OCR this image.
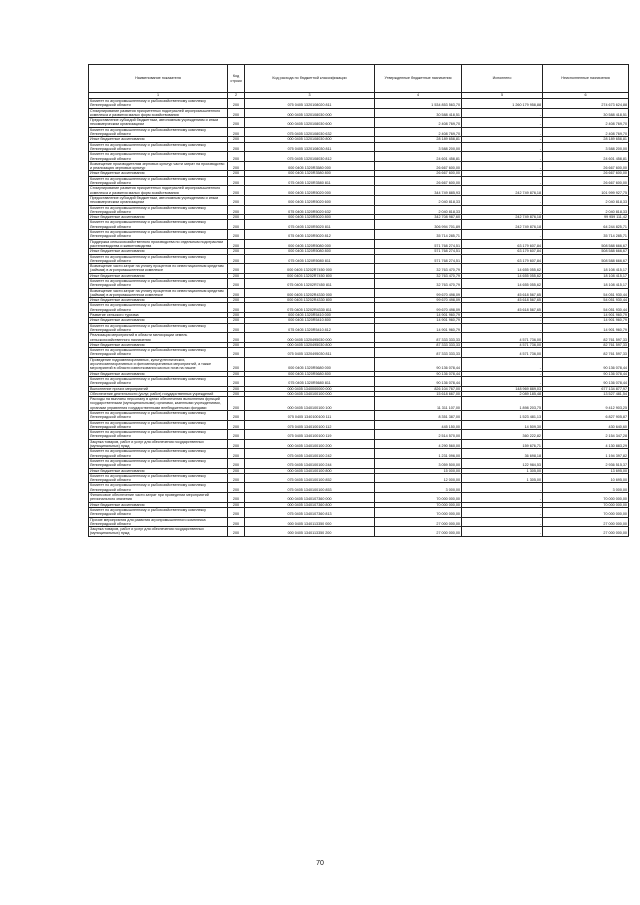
Наименование показателя	Код строки	Код расхода по бюджетной классификации	Утвержденные бюджетные назначения	Исполнено	Неисполненные назначения
1	2	3	4	5	6
Комитет по агропромышленному и рыбохозяйственному комплексу Ленинградской области	200	075 0405 1320108020 811	1 534 853 563,70	1 260 179 958,88	274 673 624,88
Стимулирование развития приоритетных подотраслей агропромышленного комплекса и развития малых форм хозяйствования	200	000 0405 1320108030 000	30 588 418,51	-	30 588 418,51
Предоставление субсидий бюджетным, автономным учреждениям и иным некоммерческим организациям	200	000 0405 1320108030 600	2 408 769,70	-	2 408 769,70
Комитет по агропромышленному и рыбохозяйственному комплексу Ленинградской области	200	075 0405 1320108030 632	2 408 769,70	-	2 408 769,70
Иные бюджетные ассигнования	200	000 0405 1320108030 800	28 189 658,81	-	28 189 658,81
Комитет по агропромышленному и рыбохозяйственному комплексу Ленинградской области	200	075 0405 1320108030 811	3 588 200,00	-	3 588 200,00
Комитет по агропромышленному и рыбохозяйственному комплексу Ленинградской области	200	075 0405 1320108030 812	24 601 458,81	-	24 601 458,81
Возмещение производителям зерновых культур части затрат на производство и реализацию зерновых культур	200	000 0405 1320R3580 000	26 667 600,00	-	26 667 600,00
Иные бюджетные ассигнования	200	000 0405 1320R3580 800	26 667 600,00	-	26 667 600,00
Комитет по агропромышленному и рыбохозяйственному комплексу Ленинградской области	200	075 0405 1320R3580 811	26 667 600,00	-	26 667 600,00
Стимулирование развития приоритетных подотраслей агропромышленного комплекса и развития малых форм хозяйствования	200	000 0405 1320R5020 000	344 749 885,93	242 749 876,18	101 999 927,75
Предоставление субсидий бюджетным, автономным учреждениям и иным некоммерческим организациям	200	000 0405 1320R5020 600	2 040 818,33	-	2 040 818,33
Комитет по агропромышленному и рыбохозяйственному комплексу Ленинградской области	200	075 0405 1320R5020 632	2 040 818,33	-	2 040 818,33
Иные бюджетные ассигнования	200	000 0405 1320R5020 800	342 708 987,60	242 749 876,18	99 959 111,42
Комитет по агропромышленному и рыбохозяйственному комплексу Ленинградской области	200	075 0405 1320R5020 811	306 994 701,89	242 749 876,18	64 244 825,71
Комитет по агропромышленному и рыбохозяйственному комплексу Ленинградской области	200	075 0405 1320R5020 812	35 714 285,71	-	35 714 285,71
Поддержка сельскохозяйственного производства по отдельным подотраслям растениеводства и животноводства	200	000 0405 1320R5080 000	571 768 274,51	63 179 607,84	508 588 666,67
Иные бюджетные ассигнования	200	000 0405 1320R5080 800	571 768 274,51	63 179 607,84	508 588 666,67
Комитет по агропромышленному и рыбохозяйственному комплексу Ленинградской области	200	075 0405 1320R5080 811	571 768 274,51	63 179 607,84	508 588 666,67
Возмещение части затрат на уплату процентов по инвестиционным кредитам (займам) в агропромышленном комплексе	200	000 0405 13202R7450 000	32 763 470,79	14 655 055,62	18 108 415,17
Иные бюджетные ассигнования	200	000 0405 13202R7450 800	32 763 470,79	14 655 055,62	18 108 415,17
Комитет по агропромышленному и рыбохозяйственному комплексу Ленинградской области	200	075 0405 13202R7450 811	32 763 470,79	14 655 055,62	18 108 415,17
Возмещение части затрат на уплату процентов по инвестиционным кредитам (займам) в агропромышленном комплексе	200	000 0405 13202R4330 000	99 670 498,09	45 618 567,65	54 051 930,44
Иные бюджетные ассигнования	200	000 0405 13202R4330 800	99 670 498,09	45 618 567,65	54 051 930,44
Комитет по агропромышленному и рыбохозяйственному комплексу Ленинградской области	200	075 0405 13202R4330 811	99 670 498,09	45 618 567,65	54 051 930,44
Развитие сельского туризма	200	000 0405 1320R5410 000	14 901 960,79	-	14 901 960,79
Иные бюджетные ассигнования	200	000 0405 1320R5410 800	14 901 960,79	-	14 901 960,79
Комитет по агропромышленному и рыбохозяйственному комплексу Ленинградской области	200	075 0405 1320R5410 812	14 901 960,79	-	14 901 960,79
Реализация мероприятий в области мелиорации земель сельскохозяйственного назначения	200	000 0405 1320495030 000	87 333 333,33	4 571 736,00	82 761 597,33
Иные бюджетные ассигнования	200	000 0405 1320495030 800	87 333 333,33	4 571 736,00	82 761 597,33
Комитет по агропромышленному и рыбохозяйственному комплексу Ленинградской области	200	075 0405 1320495030 811	87 333 333,33	4 571 736,00	82 761 597,33
Проведение гидромелиоративных, культуртехнических, агролесомелиоративных и фитомелиоративных мероприятий, а также мероприятий в области известкования кислых почв на пашне	200	000 0405 1320R5680 000	90 136 078,44	-	90 136 078,44
Иные бюджетные ассигнования	200	000 0405 1320R5680 800	90 136 078,44	-	90 136 078,44
Комитет по агропромышленному и рыбохозяйственному комплексу Ленинградской области	200	075 0405 1320R5680 811	90 136 078,44	-	90 136 078,44
Выполнение прочих мероприятий	200	000 0405 1340000000 000	826 104 767,00	148 969 889,03	677 134 877,97
Обеспечение деятельности (услуг, работ) государственных учреждений	200	000 0405 1340100100 000	15 618 667,00	2 089 185,48	13 527 481,54
Расходы на выплаты персоналу в целях обеспечения выполнения функций государственными (муниципальными) органами, казенными учреждениями, органами управления государственными внебюджетными фондами	200	000 0405 1340100100 100	11 311 107,00	1 898 203,75	9 412 903,25
Комитет по агропромышленному и рыбохозяйственному комплексу Ленинградской области	200	075 0405 1340100100 111	8 351 387,00	1 523 481,13	6 827 905,87
Комитет по агропромышленному и рыбохозяйственному комплексу Ленинградской области	200	075 0405 1340100100 112	445 150,00	14 509,30	430 640,60
Комитет по агропромышленному и рыбохозяйственному комплексу Ленинградской области	200	075 0405 1340100100 119	2 514 570,00	360 222,82	2 154 347,28
Закупка товаров, работ и услуг для обеспечения государственных (муниципальных) нужд	200	000 0405 1340100100 200	4 290 560,00	159 676,71	4 130 883,29
Комитет по агропромышленному и рыбохозяйственному комплексу Ленинградской области	200	075 0405 1340100100 242	1 231 096,00	36 698,18	1 194 397,82
Комитет по агропромышленному и рыбохозяйственному комплексу Ленинградской области	200	075 0405 1340100100 244	3 059 500,00	122 984,53	2 936 515,37
Иные бюджетные ассигнования	200	000 0405 1340100100 800	15 000,00	1 305,00	13 695,00
Комитет по агропромышленному и рыбохозяйственному комплексу Ленинградской области	200	075 0405 1340100100 852	12 000,00	1 305,00	10 695,00
Комитет по агропромышленному и рыбохозяйственному комплексу Ленинградской области	200	075 0405 1340100100 853	3 000,00	-	3 000,00
Финансовое обеспечение части затрат при проведении мероприятий регионального значения	200	000 0405 1340107360 000	70 000 000,00	-	70 000 000,00
Иные бюджетные ассигнования	200	000 0405 1340107360 800	70 000 000,00	-	70 000 000,00
Комитет по агропромышленному и рыбохозяйственному комплексу Ленинградской области	200	075 0405 1340107360 813	70 000 000,00	-	70 000 000,00
Прочие мероприятия для развития агропромышленного комплекса Ленинградской области	200	000 0405 1340113350 000	27 000 000,00	-	27 000 000,00
Закупка товаров, работ и услуг для обеспечения государственных (муниципальных) нужд	200	000 0405 1340113350 200	27 000 000,00	-	27 000 000,00
70
